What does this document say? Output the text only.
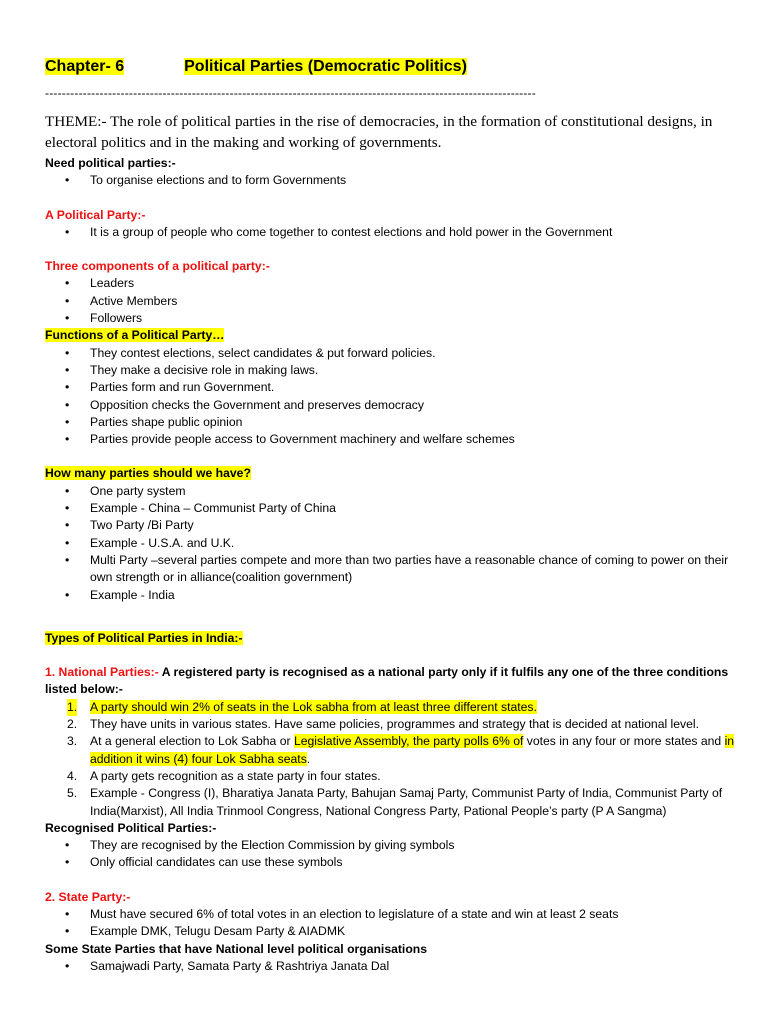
Chapter- 6	Political Parties (Democratic Politics)
---------------------------------------------------------------------------------------------------------------------
THEME:- The role of political parties in the rise of democracies, in the formation of constitutional designs, in electoral politics and in the making and working of governments.
Need political parties:-
• To organise elections and to form Governments
A Political Party:-
• It is a group of people who come together to contest elections and hold power in the Government
Three components of a political party:-
• Leaders
• Active Members
• Followers
Functions of a Political Party…
• They contest elections, select candidates & put forward policies.
• They make a decisive role in making laws.
• Parties form and run Government.
• Opposition checks the Government and preserves democracy
• Parties shape public opinion
• Parties provide people access to Government machinery and welfare schemes
How many parties should we have?
• One party system
• Example - China – Communist Party of China
• Two Party /Bi Party
• Example - U.S.A. and U.K.
• Multi Party –several parties compete and more than two parties have a reasonable chance of coming to power on their own strength or in alliance(coalition government)
• Example - India
Types of Political Parties in India:-
1. National Parties:- A registered party is recognised as a national party only if it fulfils any one of the three conditions listed below:-
1. A party should win 2% of seats in the Lok sabha from at least three different states.
2. They have units in various states. Have same policies, programmes and strategy that is decided at national level.
3. At a general election to Lok Sabha or Legislative Assembly, the party polls 6% of votes in any four or more states and in addition it wins (4) four Lok Sabha seats.
4. A party gets recognition as a state party in four states.
5. Example - Congress (I), Bharatiya Janata Party, Bahujan Samaj Party, Communist Party of India, Communist Party of India(Marxist), All India Trinmool Congress, National Congress Party, Pational People’s party (P A Sangma)
Recognised Political Parties:-
• They are recognised by the Election Commission by giving symbols
• Only official candidates can use these symbols
2. State Party:-
• Must have secured 6% of total votes in an election to legislature of a state and win at least 2 seats
• Example DMK, Telugu Desam Party & AIADMK
Some State Parties that have National level political organisations
• Samajwadi Party, Samata Party & Rashtriya Janata Dal
